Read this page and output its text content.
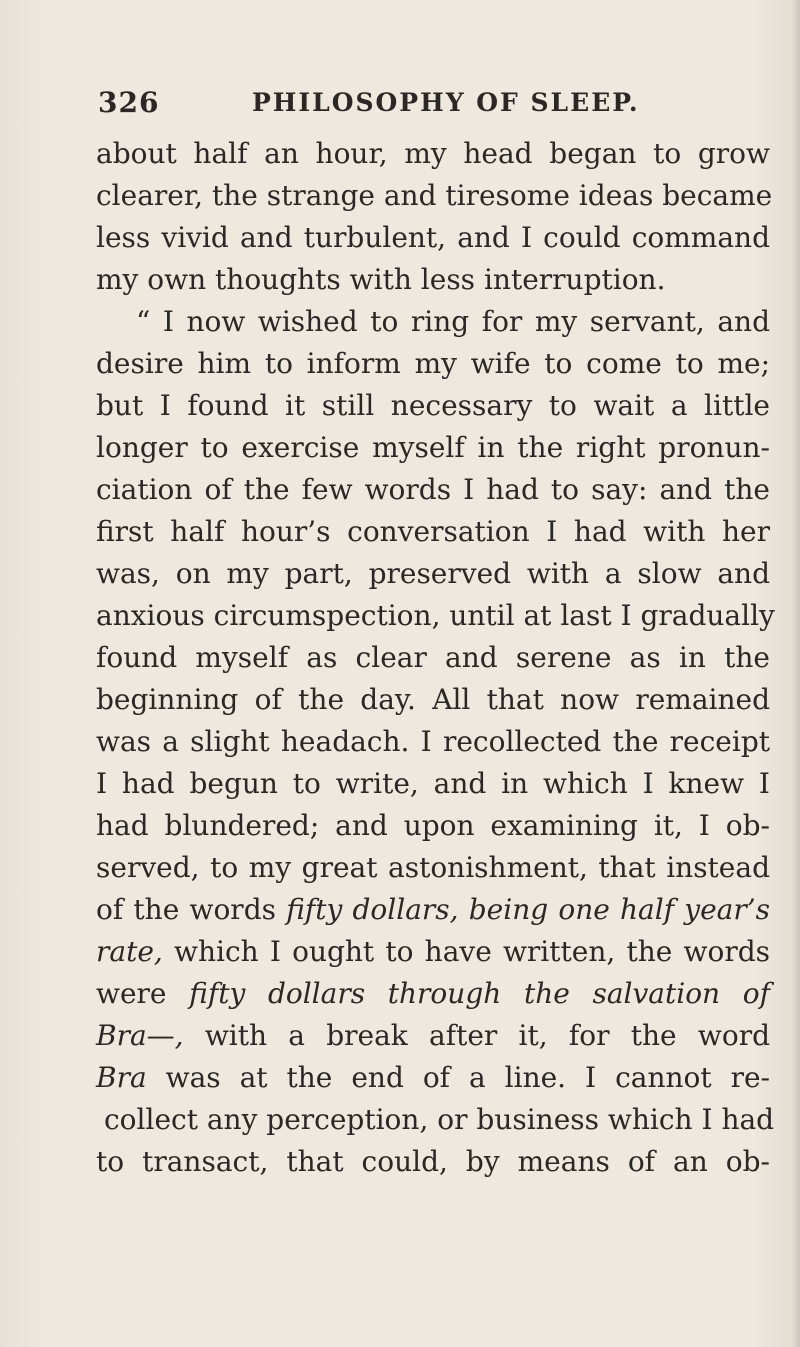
326	PHILOSOPHY OF SLEEP.
about half an hour, my head began to grow
clearer, the strange and tiresome ideas became
less vivid and turbulent, and I could command
my own thoughts with less interruption.
“ I now wished to ring for my servant, and
desire him to inform my wife to come to me;
but I found it still necessary to wait a little
longer to exercise myself in the right pronun-
ciation of the few words I had to say: and the
first half hour’s conversation I had with her
was, on my part, preserved with a slow and
anxious circumspection, until at last I gradually
found myself as clear and serene as in the
beginning of the day. All that now remained
was a slight headach. I recollected the receipt
I had begun to write, and in which I knew I
had blundered; and upon examining it, I ob-
served, to my great astonishment, that instead
of the words fifty dollars, being one half year’s
rate, which I ought to have written, the words
were fifty dollars through the salvation of
Bra—, with a break after it, for the word
Bra was at the end of a line. I cannot re-
collect any perception, or business which I had
to transact, that could, by means of an ob-
